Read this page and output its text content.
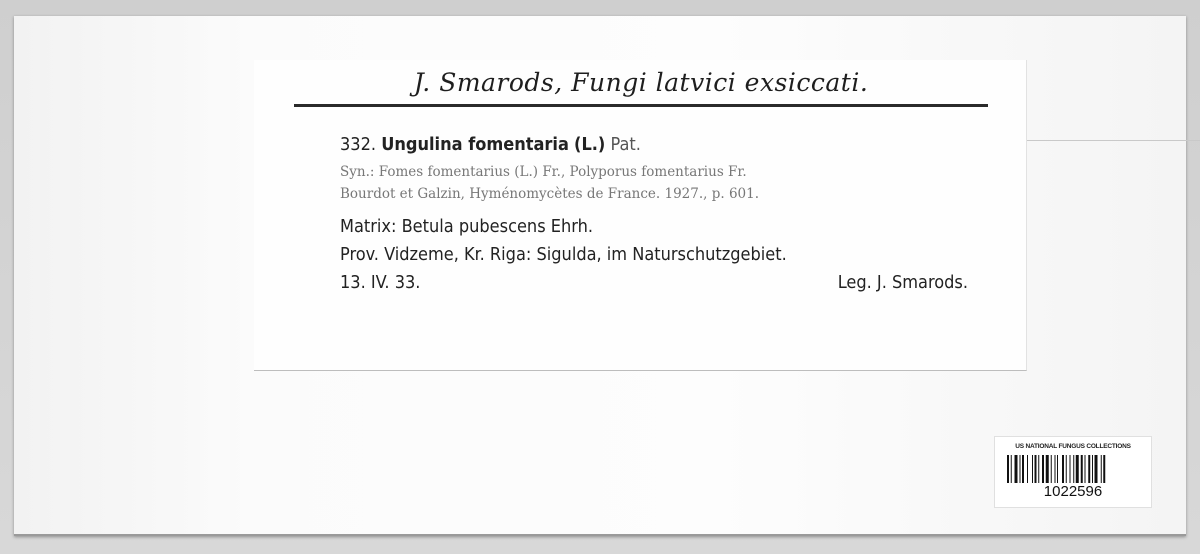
J. Smarods, Fungi latvici exsiccati.
332. Ungulina fomentaria (L.) Pat.
Syn.: Fomes fomentarius (L.) Fr., Polyporus fomentarius Fr.
Bourdot et Galzin, Hyménomycètes de France. 1927., p. 601.
Matrix: Betula pubescens Ehrh.
Prov. Vidzeme, Kr. Riga: Sigulda, im Naturschutzgebiet.
13. IV. 33.	Leg. J. Smarods.
US NATIONAL FUNGUS COLLECTIONS
1022596
